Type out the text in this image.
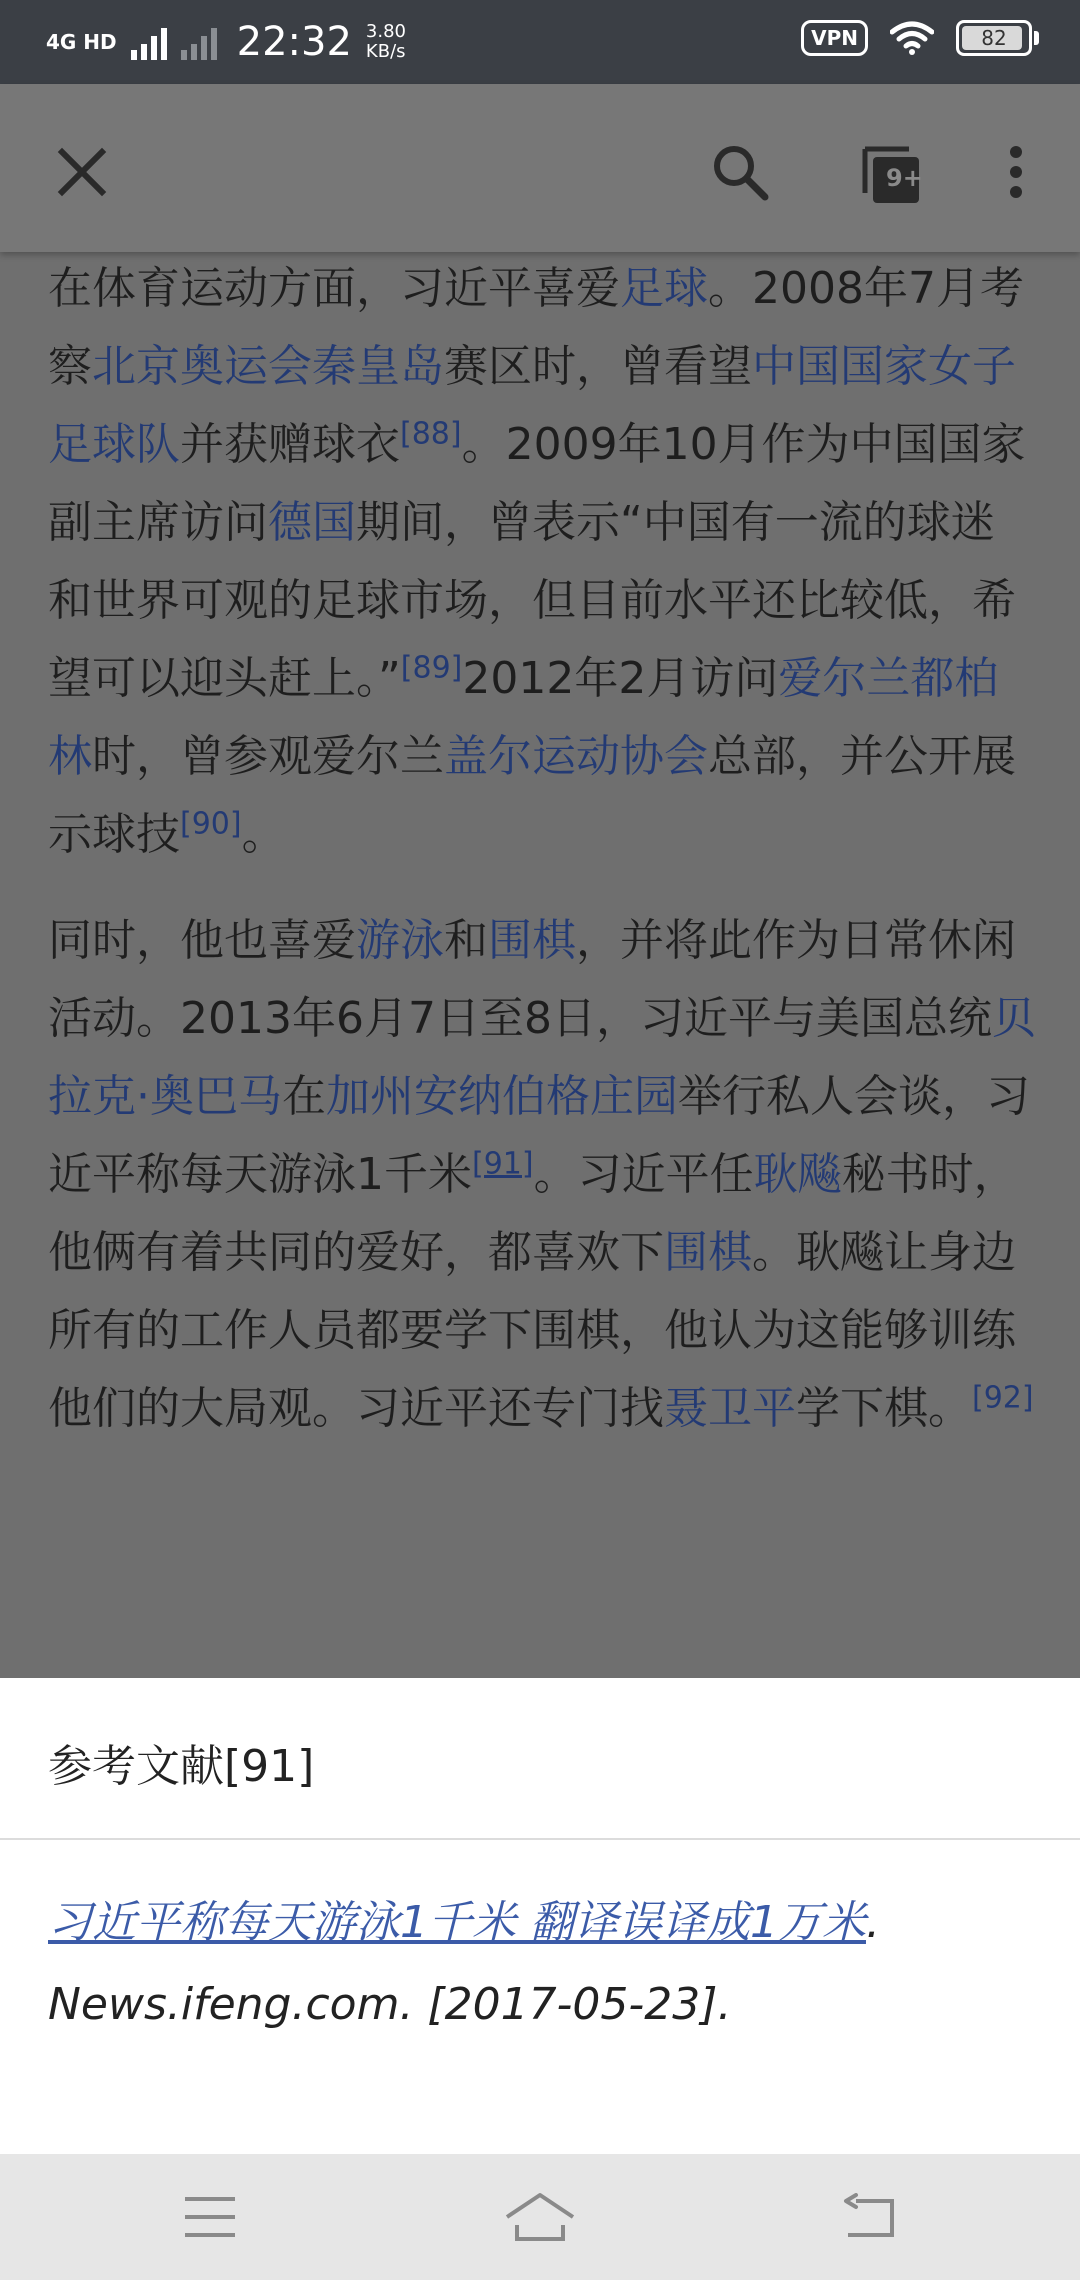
4G HD	22:32 3.80
KB/s
VPN	82
9+

在体育运动方面，习近平喜爱足球。2008年7月考察北京奥运会秦皇岛赛区时，曾看望中国国家女子足球队并获赠球衣[88]。2009年10月作为中国国家副主席访问德国期间，曾表示“中国有一流的球迷和世界可观的足球市场，但目前水平还比较低，希望可以迎头赶上。”[89]2012年2月访问爱尔兰都柏林时，曾参观爱尔兰盖尔运动协会总部，并公开展示球技[90]。

同时，他也喜爱游泳和围棋，并将此作为日常休闲活动。2013年6月7日至8日，习近平与美国总统贝拉克·奥巴马在加州安纳伯格庄园举行私人会谈，习近平称每天游泳1千米[91]。习近平任耿飚秘书时，他俩有着共同的爱好，都喜欢下围棋。耿飚让身边所有的工作人员都要学下围棋，他认为这能够训练他们的大局观。习近平还专门找聂卫平学下棋。[92]

参考文献[91]
习近平称每天游泳1千米 翻译误译成1万米. News.ifeng.com. [2017-05-23].
